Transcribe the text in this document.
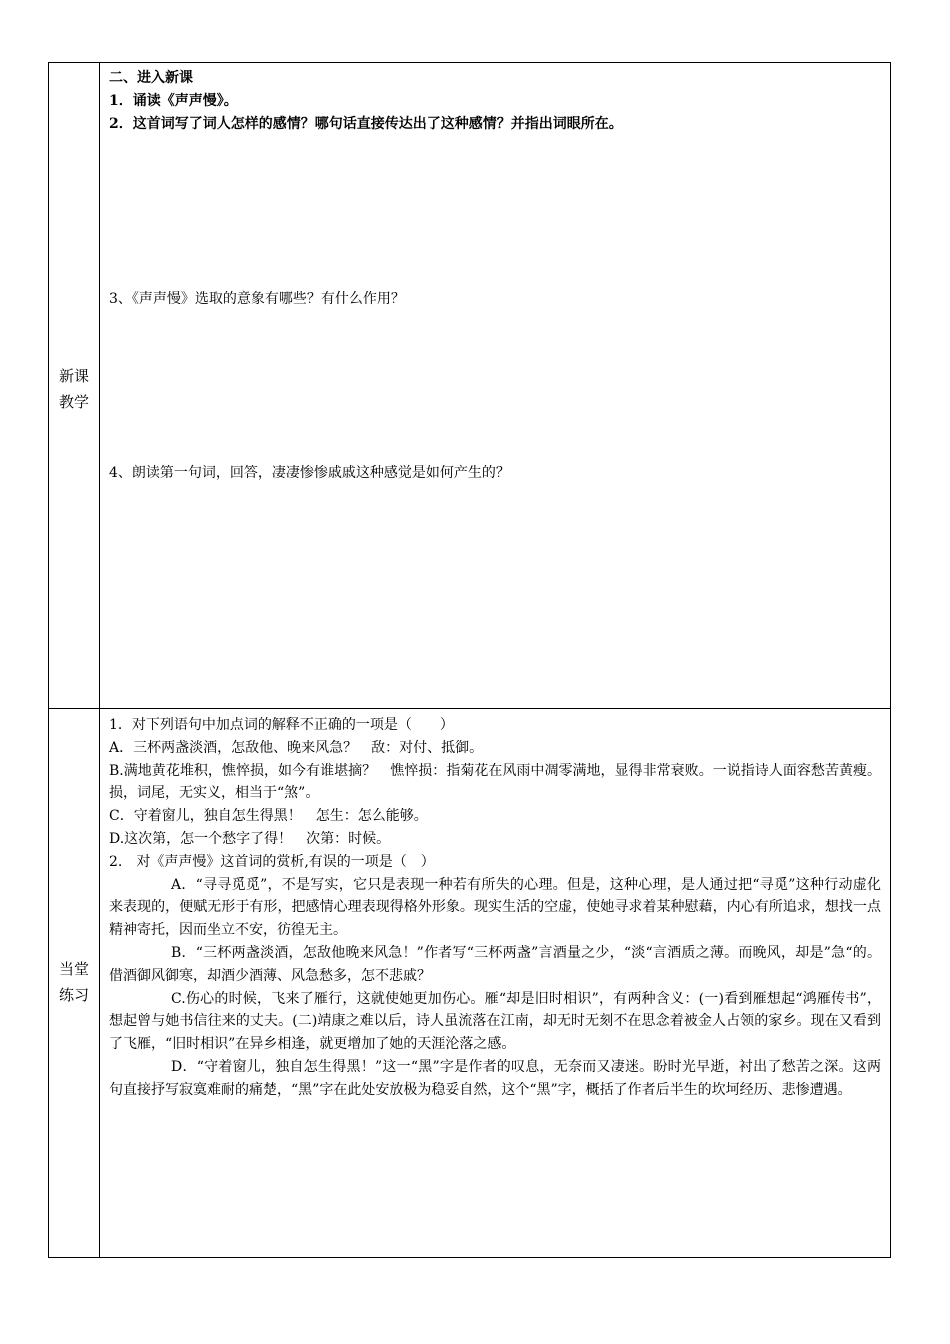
新课
教学
二、进入新课
1．诵读《声声慢》。
2．这首词写了词人怎样的感情？哪句话直接传达出了这种感情？并指出词眼所在。
3、《声声慢》选取的意象有哪些？有什么作用？
4、朗读第一句词，回答，凄凄惨惨戚戚这种感觉是如何产生的？
当堂
练习

1．对下列语句中加点词的解释不正确的一项是（　　）

A．三杯两盏淡酒，怎敌他、晚来风急？　敌：对付、抵御。

B.满地黄花堆积，憔悴损，如今有谁堪摘？　憔悴损：指菊花在风雨中凋零满地，显得非常衰败。一说指诗人面容愁苦黄瘦。损，词尾，无实义，相当于“煞”。

C．守着窗儿，独自怎生得黑！　怎生：怎么能够。

D.这次第，怎一个愁字了得！　次第：时候。

2.　对《声声慢》这首词的赏析,有误的一项是（　）

A．“寻寻觅觅”，不是写实，它只是表现一种若有所失的心理。但是，这种心理，是人通过把“寻觅”这种行动虚化来表现的，便赋无形于有形，把感情心理表现得格外形象。现实生活的空虚，使她寻求着某种慰藉，内心有所追求，想找一点精神寄托，因而坐立不安，彷徨无主。

B．“三杯两盏淡酒，怎敌他晚来风急！”作者写“三杯两盏”言酒量之少，“淡“言酒质之薄。而晚风，却是”急“的。借酒御风御寒，却酒少酒薄、风急愁多，怎不悲戚？

C.伤心的时候，飞来了雁行，这就使她更加伤心。雁“却是旧时相识”，有两种含义：(一)看到雁想起“鸿雁传书”，想起曾与她书信往来的丈夫。(二)靖康之难以后，诗人虽流落在江南，却无时无刻不在思念着被金人占领的家乡。现在又看到了飞雁，“旧时相识”在异乡相逢，就更增加了她的天涯沦落之感。

D．“守着窗儿，独自怎生得黑！”这一“黑”字是作者的叹息，无奈而又凄迷。盼时光早逝，衬出了愁苦之深。这两句直接抒写寂寞难耐的痛楚，“黑”字在此处安放极为稳妥自然，这个“黑”字，概括了作者后半生的坎坷经历、悲惨遭遇。
